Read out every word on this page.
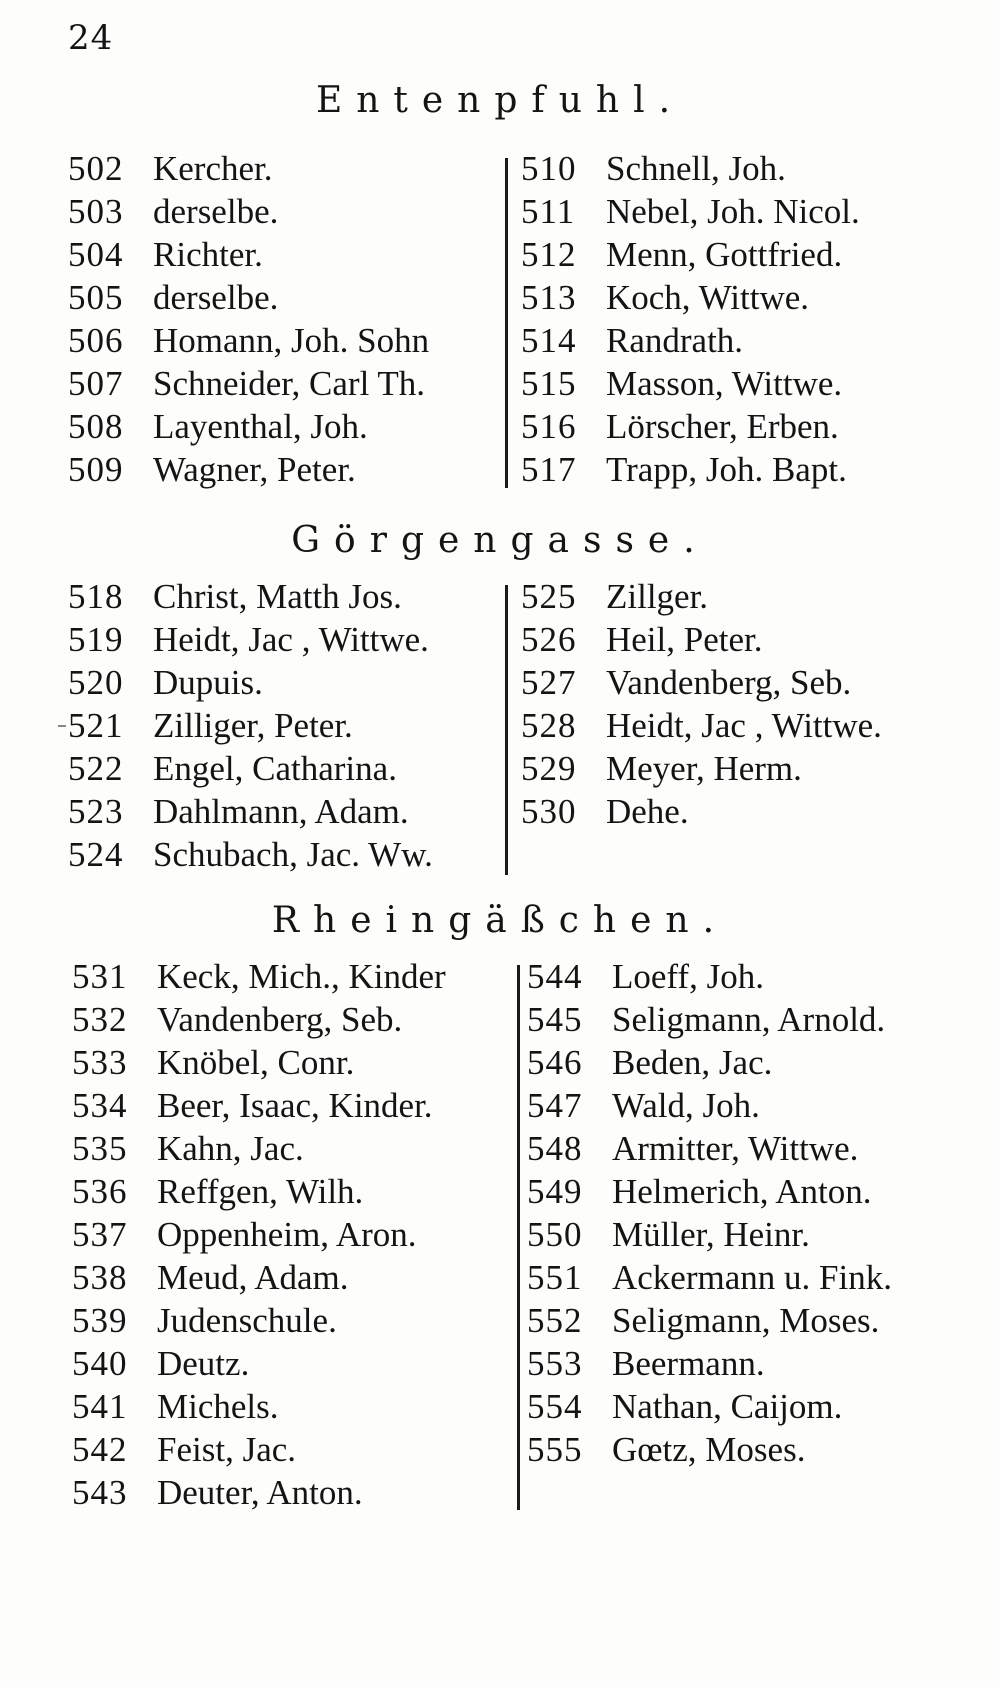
24
Entenpfuhl.
502 Kercher.
503 derselbe.
504 Richter.
505 derselbe.
506 Homann, Joh. Sohn
507 Schneider, Carl Th.
508 Layenthal, Joh.
509 Wagner, Peter.
510 Schnell, Joh.
511 Nebel, Joh. Nicol.
512 Menn, Gottfried.
513 Koch, Wittwe.
514 Randrath.
515 Masson, Wittwe.
516 Lörscher, Erben.
517 Trapp, Joh. Bapt.
Görgengasse.
518 Christ, Matth Jos.
519 Heidt, Jac , Wittwe.
520 Dupuis.
521 Zilliger, Peter.
522 Engel, Catharina.
523 Dahlmann, Adam.
524 Schubach, Jac. Ww.
525 Zillger.
526 Heil, Peter.
527 Vandenberg, Seb.
528 Heidt, Jac , Wittwe.
529 Meyer, Herm.
530 Dehe.
Rheingäßchen.
531 Keck, Mich., Kinder
532 Vandenberg, Seb.
533 Knöbel, Conr.
534 Beer, Isaac, Kinder.
535 Kahn, Jac.
536 Reffgen, Wilh.
537 Oppenheim, Aron.
538 Meud, Adam.
539 Judenschule.
540 Deutz.
541 Michels.
542 Feist, Jac.
543 Deuter, Anton.
544 Loeff, Joh.
545 Seligmann, Arnold.
546 Beden, Jac.
547 Wald, Joh.
548 Armitter, Wittwe.
549 Helmerich, Anton.
550 Müller, Heinr.
551 Ackermann u. Fink.
552 Seligmann, Moses.
553 Beermann.
554 Nathan, Caijom.
555 Gœtz, Moses.
